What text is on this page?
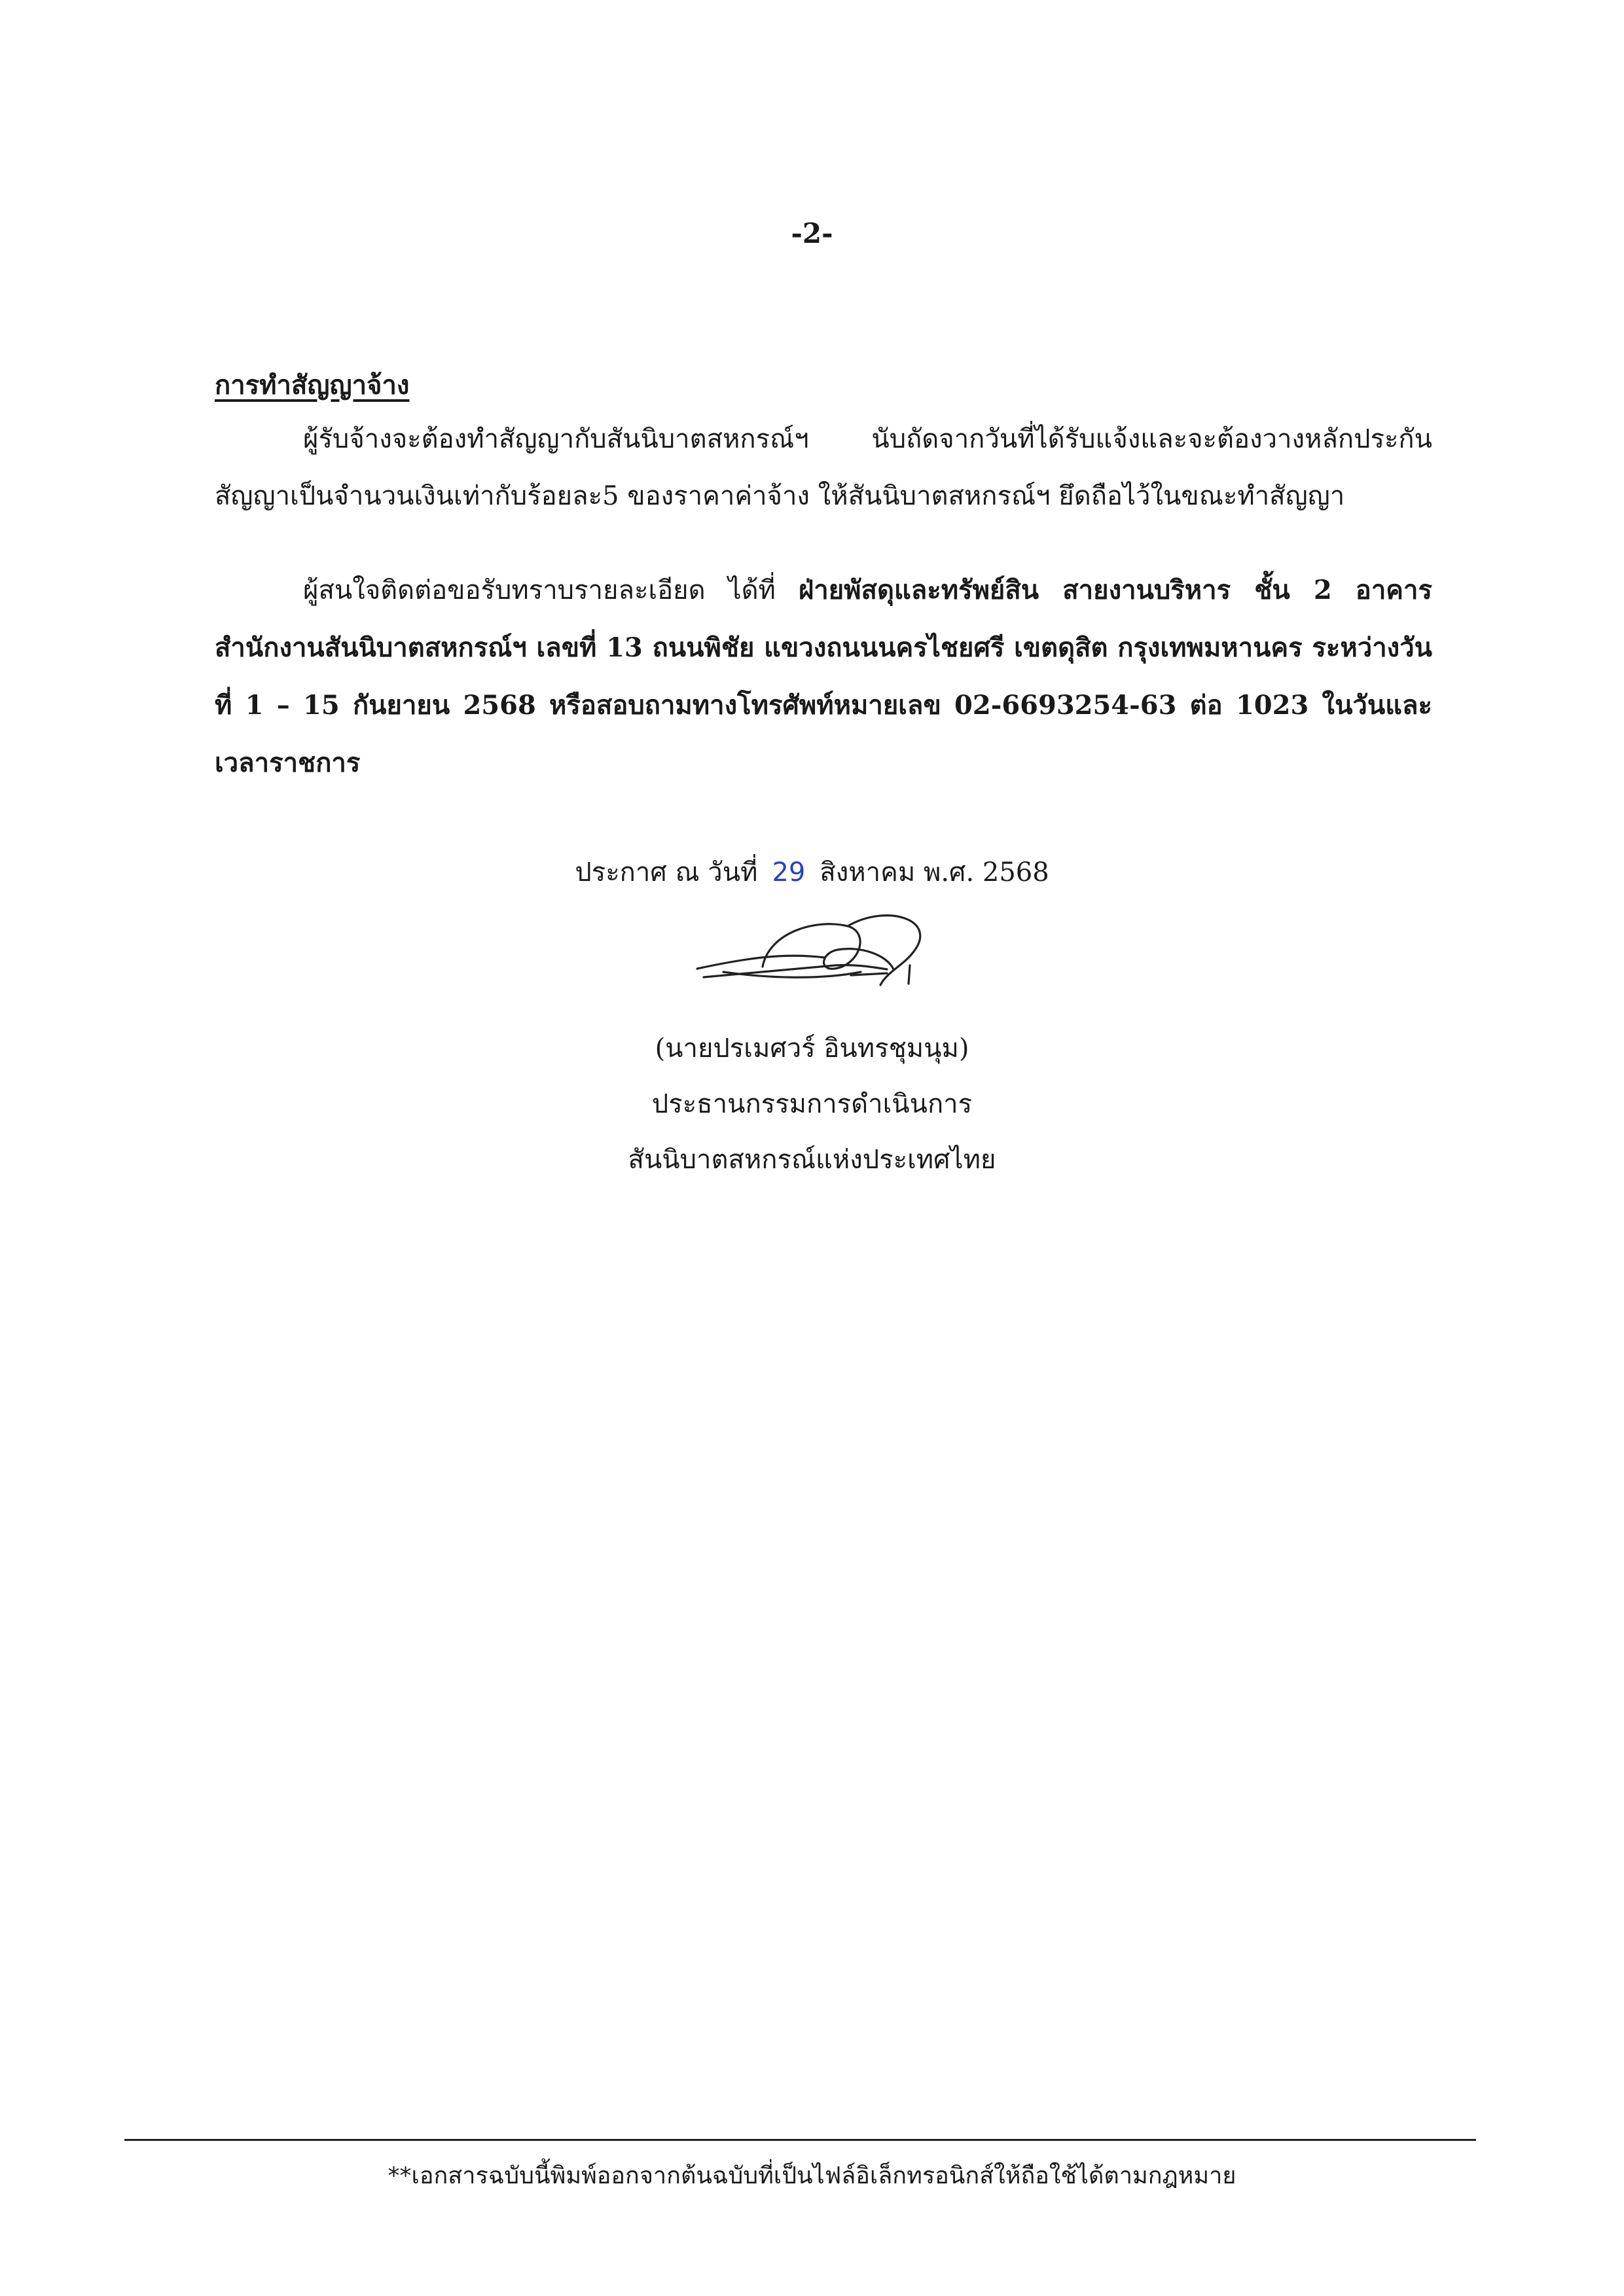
-2-
การทำสัญญาจ้าง

ผู้รับจ้างจะต้องทำสัญญากับสันนิบาตสหกรณ์ฯ นับถัดจากวันที่ได้รับแจ้งและจะต้องวางหลักประกันสัญญาเป็นจำนวนเงินเท่ากับร้อยละ5 ของราคาค่าจ้าง ให้สันนิบาตสหกรณ์ฯ ยึดถือไว้ในขณะทำสัญญา

ผู้สนใจติดต่อขอรับทราบรายละเอียด ได้ที่ ฝ่ายพัสดุและทรัพย์สิน สายงานบริหาร ชั้น 2 อาคาร สำนักงานสันนิบาตสหกรณ์ฯ เลขที่ 13 ถนนพิชัย แขวงถนนนครไชยศรี เขตดุสิต กรุงเทพมหานคร ระหว่างวันที่ 1 – 15 กันยายน 2568 หรือสอบถามทางโทรศัพท์หมายเลข 02-6693254-63 ต่อ 1023 ในวันและเวลาราชการ

ประกาศ ณ วันที่ 29 สิงหาคม พ.ศ. 2568
(นายปรเมศวร์ อินทรชุมนุม)
ประธานกรรมการดำเนินการ
สันนิบาตสหกรณ์แห่งประเทศไทย
**เอกสารฉบับนี้พิมพ์ออกจากต้นฉบับที่เป็นไฟล์อิเล็กทรอนิกส์ให้ถือใช้ได้ตามกฎหมาย
